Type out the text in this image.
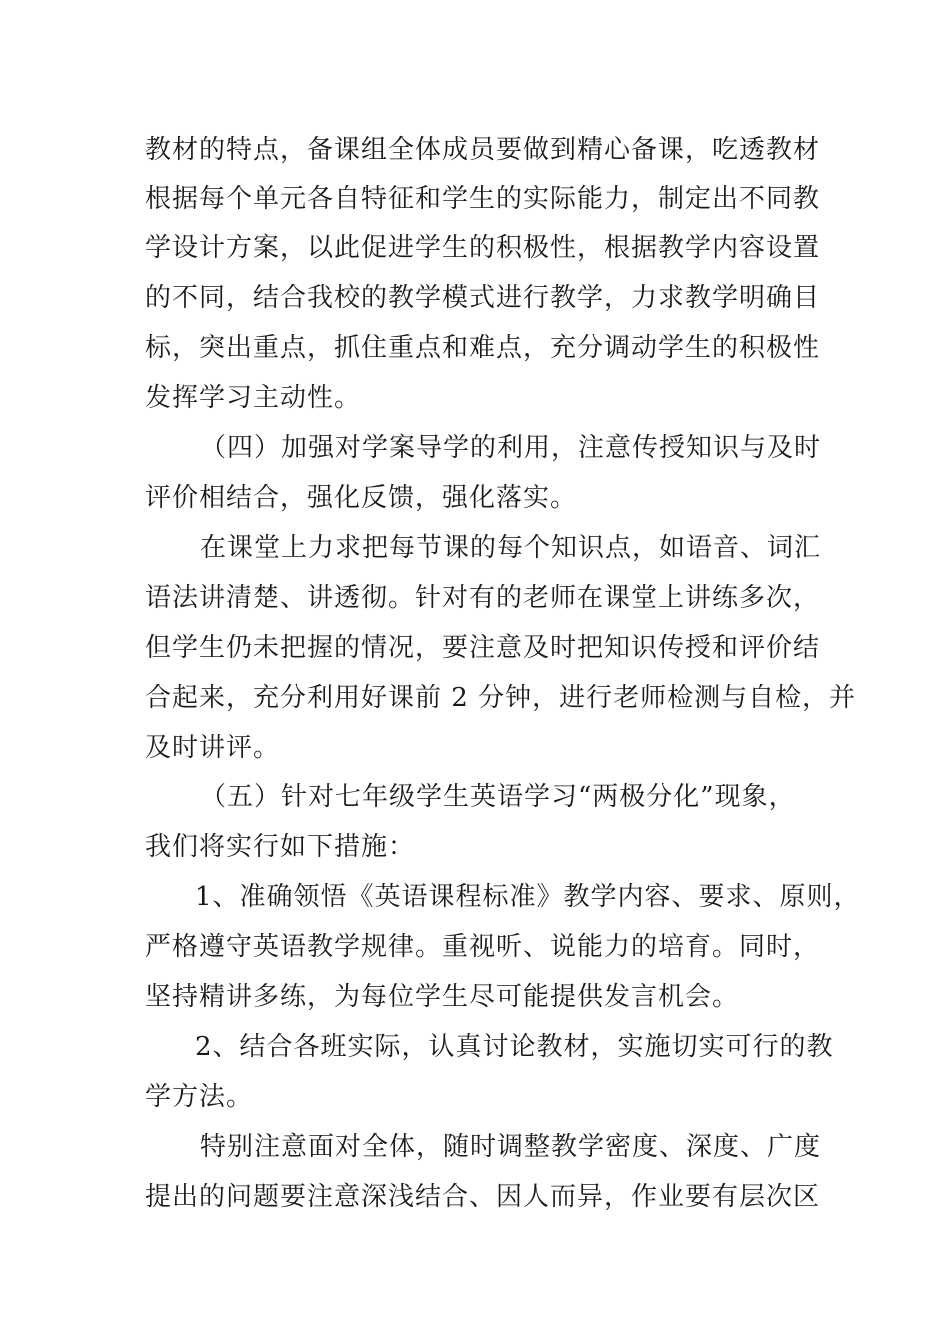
教材的特点，备课组全体成员要做到精心备课，吃透教材
根据每个单元各自特征和学生的实际能力，制定出不同教
学设计方案，以此促进学生的积极性，根据教学内容设置
的不同，结合我校的教学模式进行教学，力求教学明确目
标，突出重点，抓住重点和难点，充分调动学生的积极性
发挥学习主动性。
（四）加强对学案导学的利用，注意传授知识与及时
评价相结合，强化反馈，强化落实。
在课堂上力求把每节课的每个知识点，如语音、词汇
语法讲清楚、讲透彻。针对有的老师在课堂上讲练多次，
但学生仍未把握的情况，要注意及时把知识传授和评价结
合起来，充分利用好课前 2 分钟，进行老师检测与自检，并
及时讲评。
（五）针对七年级学生英语学习“两极分化”现象，
我们将实行如下措施：
1、准确领悟《英语课程标准》教学内容、要求、原则，
严格遵守英语教学规律。重视听、说能力的培育。同时，
坚持精讲多练，为每位学生尽可能提供发言机会。
2、结合各班实际，认真讨论教材，实施切实可行的教
学方法。
特别注意面对全体，随时调整教学密度、深度、广度
提出的问题要注意深浅结合、因人而异，作业要有层次区
